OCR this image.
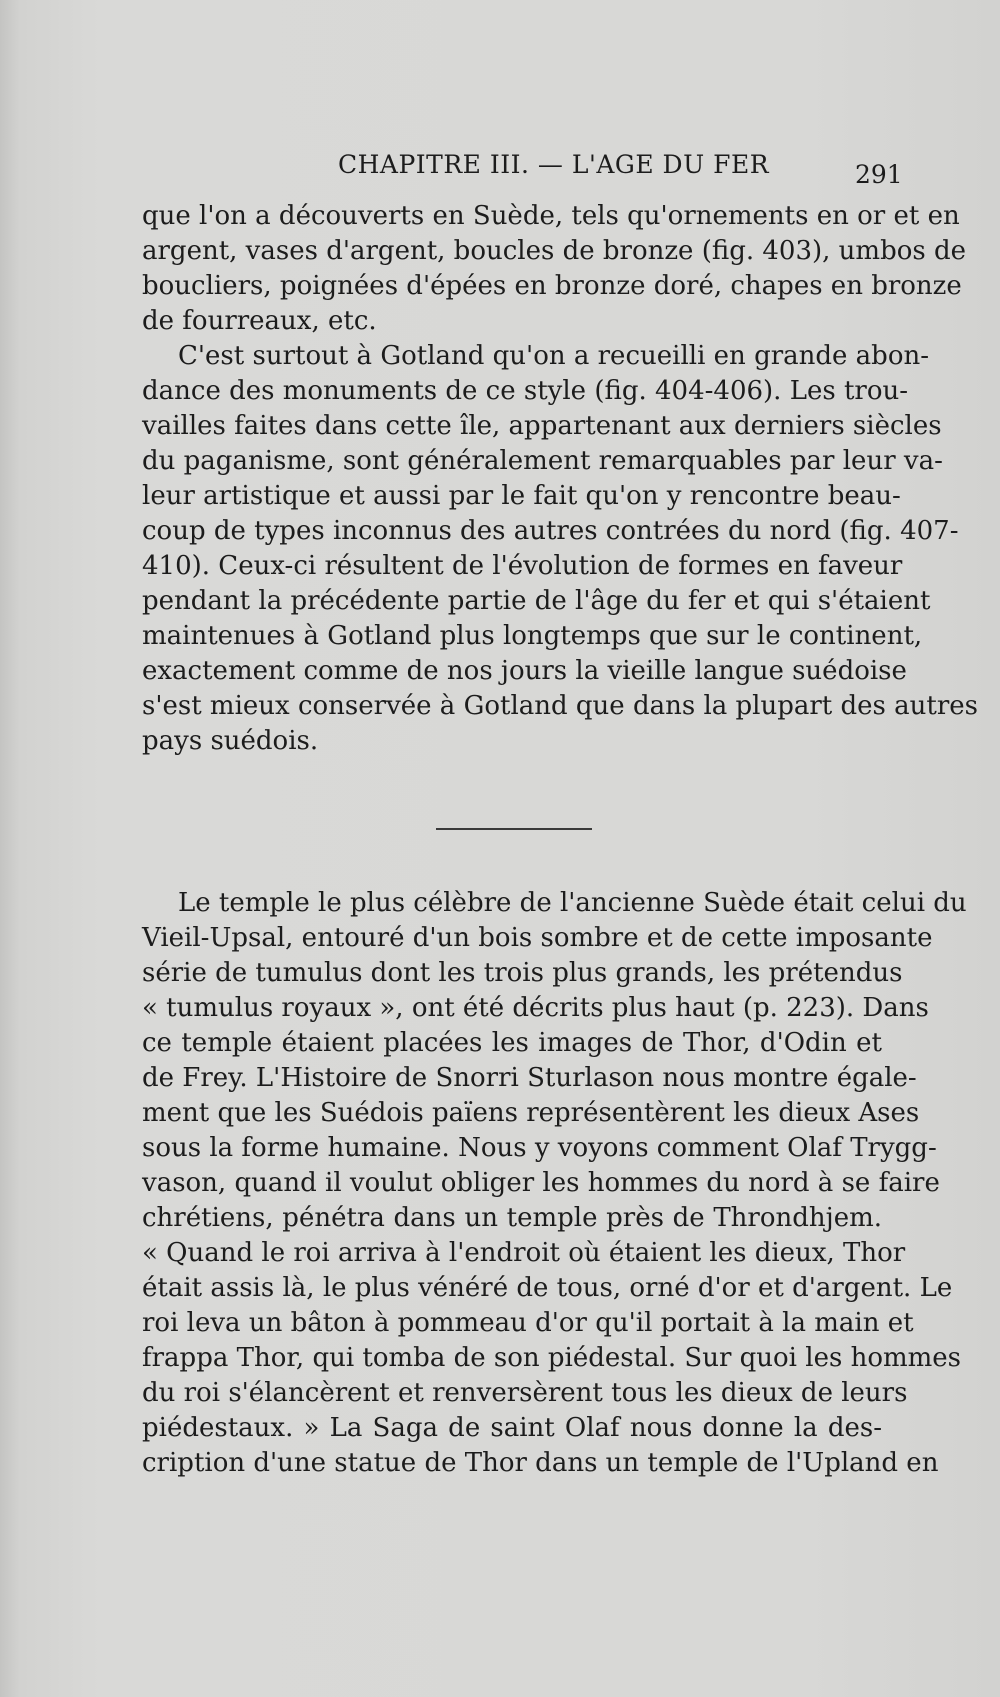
CHAPITRE III. — L'AGE DU FER	291
que l'on a découverts en Suède, tels qu'ornements en or et en
argent, vases d'argent, boucles de bronze (fig. 403), umbos de
boucliers, poignées d'épées en bronze doré, chapes en bronze
de fourreaux, etc.
C'est surtout à Gotland qu'on a recueilli en grande abon-
dance des monuments de ce style (fig. 404-406). Les trou-
vailles faites dans cette île, appartenant aux derniers siècles
du paganisme, sont généralement remarquables par leur va-
leur artistique et aussi par le fait qu'on y rencontre beau-
coup de types inconnus des autres contrées du nord (fig. 407-
410). Ceux-ci résultent de l'évolution de formes en faveur
pendant la précédente partie de l'âge du fer et qui s'étaient
maintenues à Gotland plus longtemps que sur le continent,
exactement comme de nos jours la vieille langue suédoise
s'est mieux conservée à Gotland que dans la plupart des autres
pays suédois.
Le temple le plus célèbre de l'ancienne Suède était celui du
Vieil-Upsal, entouré d'un bois sombre et de cette imposante
série de tumulus dont les trois plus grands, les prétendus
« tumulus royaux », ont été décrits plus haut (p. 223). Dans
ce temple étaient placées les images de Thor, d'Odin et
de Frey. L'Histoire de Snorri Sturlason nous montre égale-
ment que les Suédois païens représentèrent les dieux Ases
sous la forme humaine. Nous y voyons comment Olaf Trygg-
vason, quand il voulut obliger les hommes du nord à se faire
chrétiens, pénétra dans un temple près de Throndhjem.
« Quand le roi arriva à l'endroit où étaient les dieux, Thor
était assis là, le plus vénéré de tous, orné d'or et d'argent. Le
roi leva un bâton à pommeau d'or qu'il portait à la main et
frappa Thor, qui tomba de son piédestal. Sur quoi les hommes
du roi s'élancèrent et renversèrent tous les dieux de leurs
piédestaux. » La Saga de saint Olaf nous donne la des-
cription d'une statue de Thor dans un temple de l'Upland en
